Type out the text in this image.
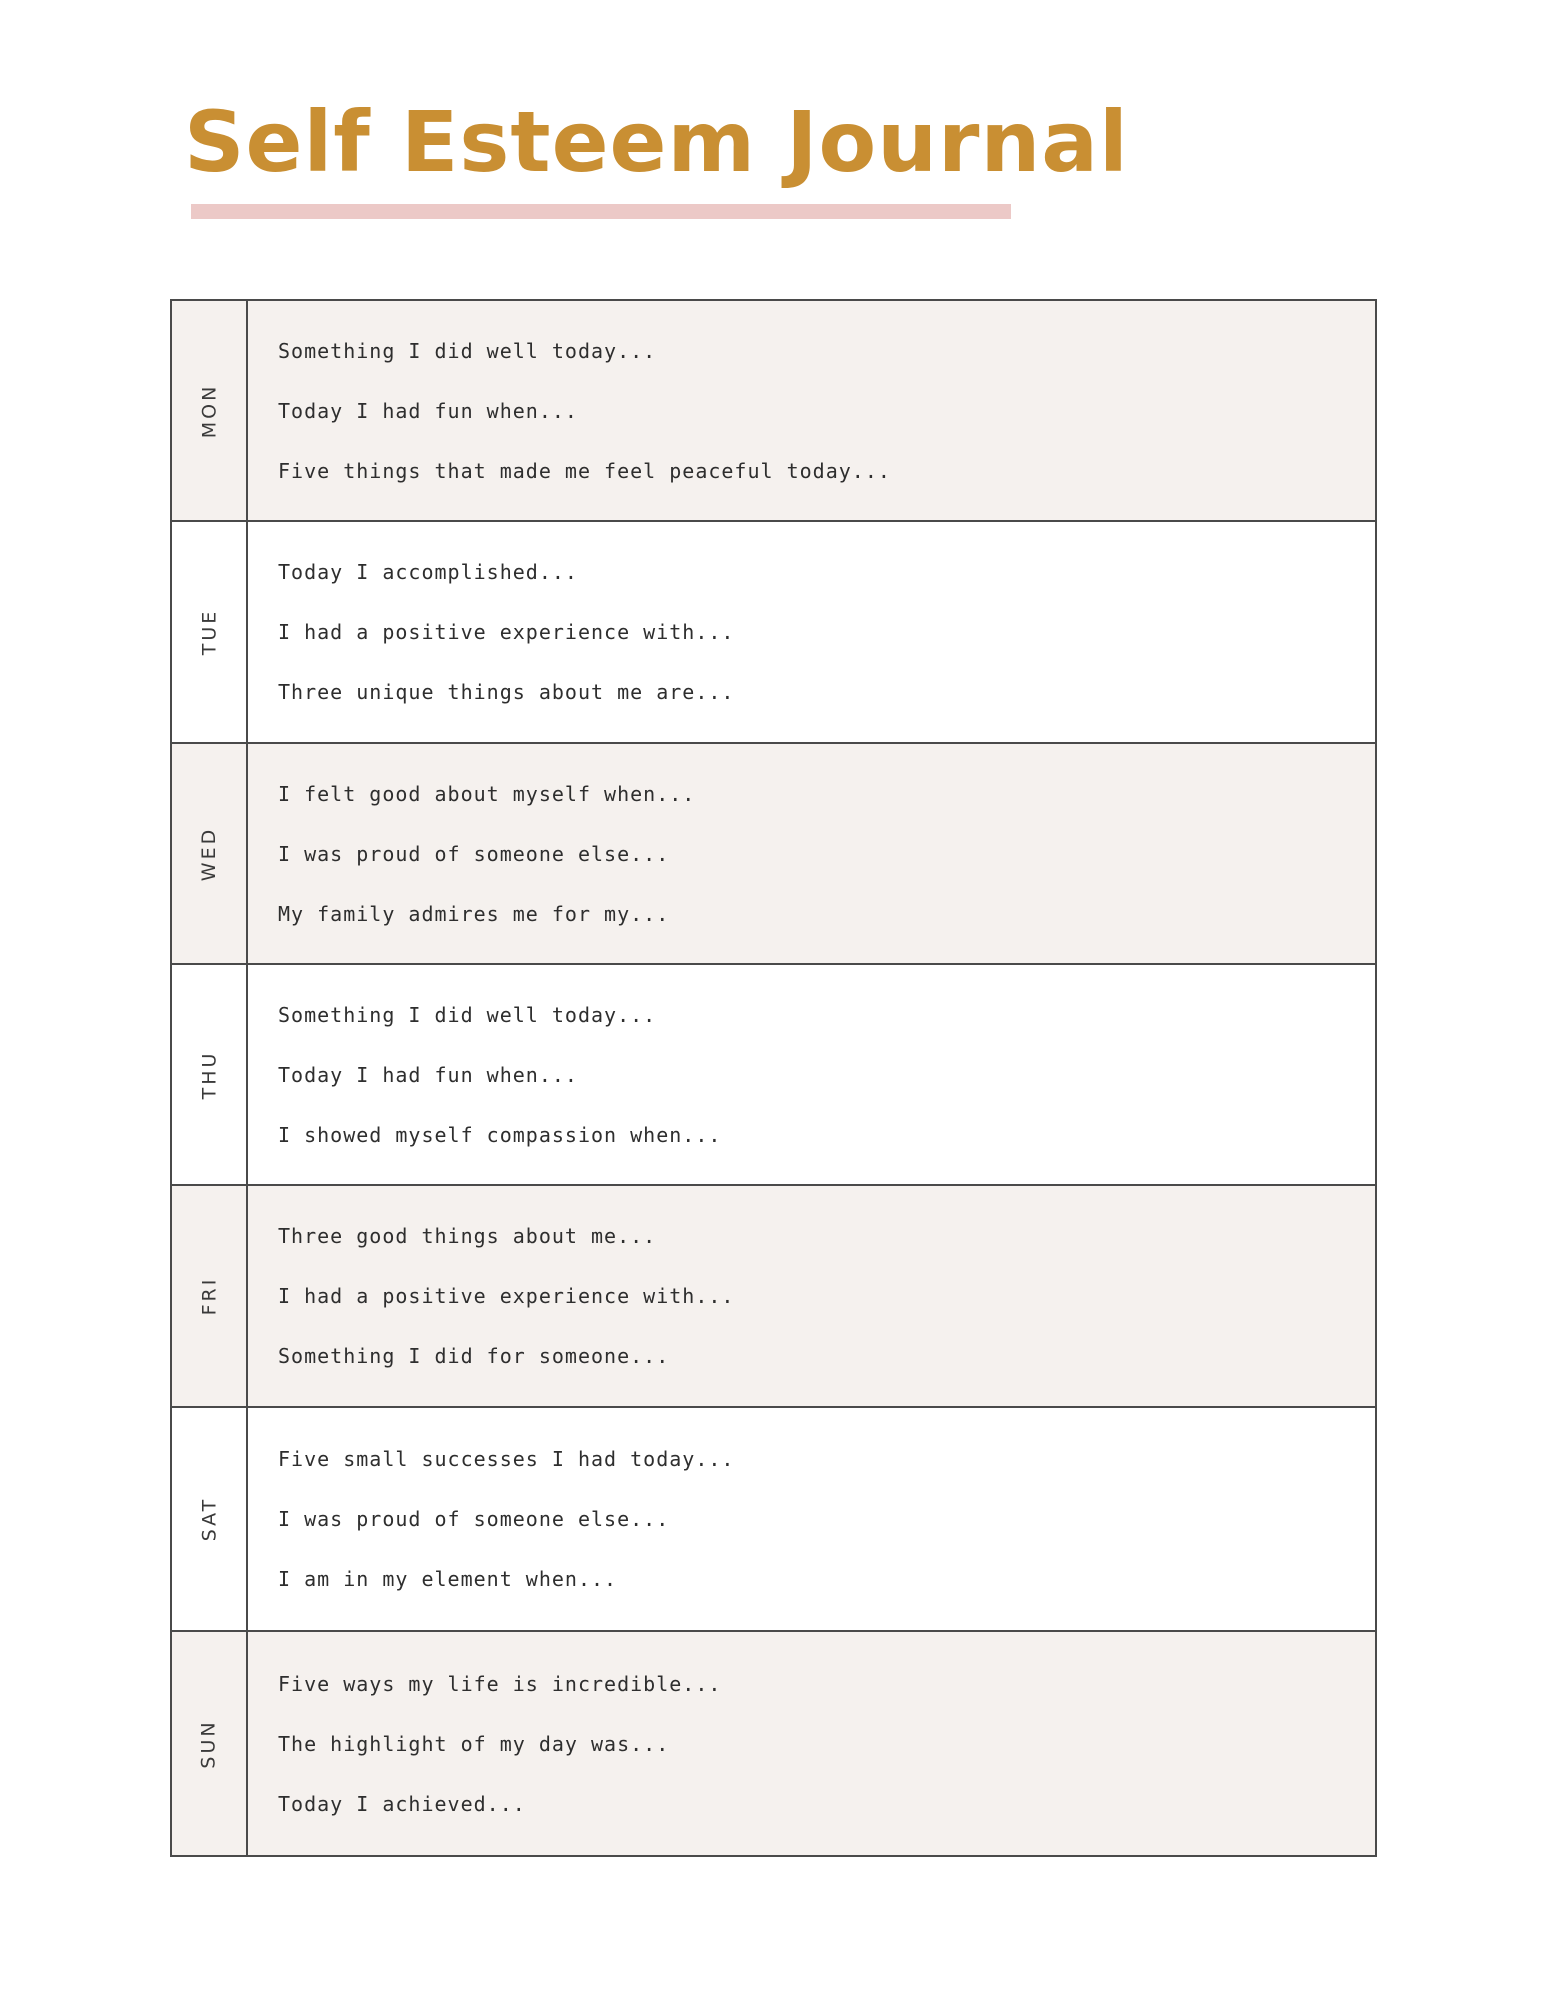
Self Esteem Journal
MON
Something I did well today...
Today I had fun when...
Five things that made me feel peaceful today...
TUE
Today I accomplished...
I had a positive experience with...
Three unique things about me are...
WED
I felt good about myself when...
I was proud of someone else...
My family admires me for my...
THU
Something I did well today...
Today I had fun when...
I showed myself compassion when...
FRI
Three good things about me...
I had a positive experience with...
Something I did for someone...
SAT
Five small successes I had today...
I was proud of someone else...
I am in my element when...
SUN
Five ways my life is incredible...
The highlight of my day was...
Today I achieved...
